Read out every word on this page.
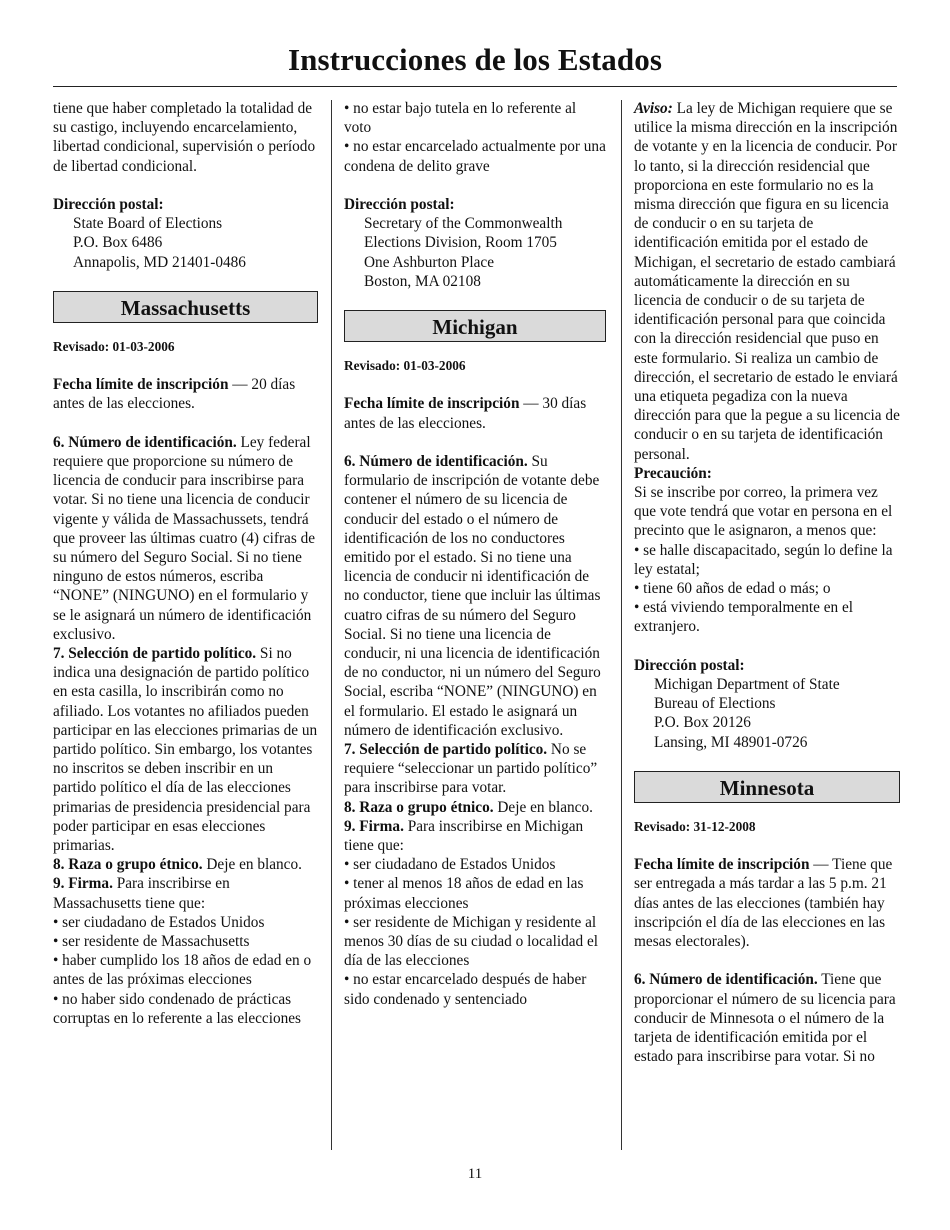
Instrucciones de los Estados

tiene que haber completado la totalidad de su castigo, incluyendo encarcelamiento, libertad condicional, supervisión o período de libertad condicional.

Dirección postal:

State Board of Elections

P.O. Box 6486

Annapolis, MD 21401-0486

Massachusetts

Revisado: 01-03-2006

Fecha límite de inscripción — 20 días antes de las elecciones.

6. Número de identificación. Ley federal requiere que proporcione su número de licencia de conducir para inscribirse para votar. Si no tiene una licencia de conducir vigente y válida de Massachussets, tendrá que proveer las últimas cuatro (4) cifras de su número del Seguro Social. Si no tiene ninguno de estos números, escriba “NONE” (NINGUNO) en el formulario y se le asignará un número de identificación exclusivo.

7. Selección de partido político. Si no indica una designación de partido político en esta casilla, lo inscribirán como no afiliado. Los votantes no afiliados pueden participar en las elecciones primarias de un partido político. Sin embargo, los votantes no inscritos se deben inscribir en un partido político el día de las elecciones primarias de presidencia presidencial para poder participar en esas elecciones primarias.

8. Raza o grupo étnico. Deje en blanco.

9. Firma. Para inscribirse en Massachusetts tiene que:

• ser ciudadano de Estados Unidos

• ser residente de Massachusetts

• haber cumplido los 18 años de edad en o antes de las próximas elecciones

• no haber sido condenado de prácticas corruptas en lo referente a las elecciones

• no estar bajo tutela en lo referente al voto

• no estar encarcelado actualmente por una condena de delito grave

Dirección postal:

Secretary of the Commonwealth

Elections Division, Room 1705

One Ashburton Place

Boston, MA 02108

Michigan

Revisado: 01-03-2006

Fecha límite de inscripción — 30 días antes de las elecciones.

6. Número de identificación. Su formulario de inscripción de votante debe contener el número de su licencia de conducir del estado o el número de identificación de los no conductores emitido por el estado. Si no tiene una licencia de conducir ni identificación de no conductor, tiene que incluir las últimas cuatro cifras de su número del Seguro Social. Si no tiene una licencia de conducir, ni una licencia de identificación de no conductor, ni un número del Seguro Social, escriba “NONE” (NINGUNO) en el formulario. El estado le asignará un número de identificación exclusivo.

7. Selección de partido político. No se requiere “seleccionar un partido político” para inscribirse para votar.

8. Raza o grupo étnico. Deje en blanco.

9. Firma. Para inscribirse en Michigan tiene que:

• ser ciudadano de Estados Unidos

• tener al menos 18 años de edad en las próximas elecciones

• ser residente de Michigan y residente al menos 30 días de su ciudad o localidad el día de las elecciones

• no estar encarcelado después de haber sido condenado y sentenciado

Aviso: La ley de Michigan requiere que se utilice la misma dirección en la inscripción de votante y en la licencia de conducir. Por lo tanto, si la dirección residencial que proporciona en este formulario no es la misma dirección que figura en su licencia de conducir o en su tarjeta de identificación emitida por el estado de Michigan, el secretario de estado cambiará automáticamente la dirección en su licencia de conducir o de su tarjeta de identificación personal para que coincida con la dirección residencial que puso en este formulario. Si realiza un cambio de dirección, el secretario de estado le enviará una etiqueta pegadiza con la nueva dirección para que la pegue a su licencia de conducir o en su tarjeta de identificación personal.

Precaución:

Si se inscribe por correo, la primera vez que vote tendrá que votar en persona en el precinto que le asignaron, a menos que:

• se halle discapacitado, según lo define la ley estatal;

• tiene 60 años de edad o más; o

• está viviendo temporalmente en el extranjero.

Dirección postal:

Michigan Department of State

Bureau of Elections

P.O. Box 20126

Lansing, MI 48901-0726

Minnesota

Revisado: 31-12-2008

Fecha límite de inscripción — Tiene que ser entregada a más tardar a las 5 p.m. 21 días antes de las elecciones (también hay inscripción el día de las elecciones en las mesas electorales).

6. Número de identificación. Tiene que proporcionar el número de su licencia para conducir de Minnesota o el número de la tarjeta de identificación emitida por el estado para inscribirse para votar. Si no

11
